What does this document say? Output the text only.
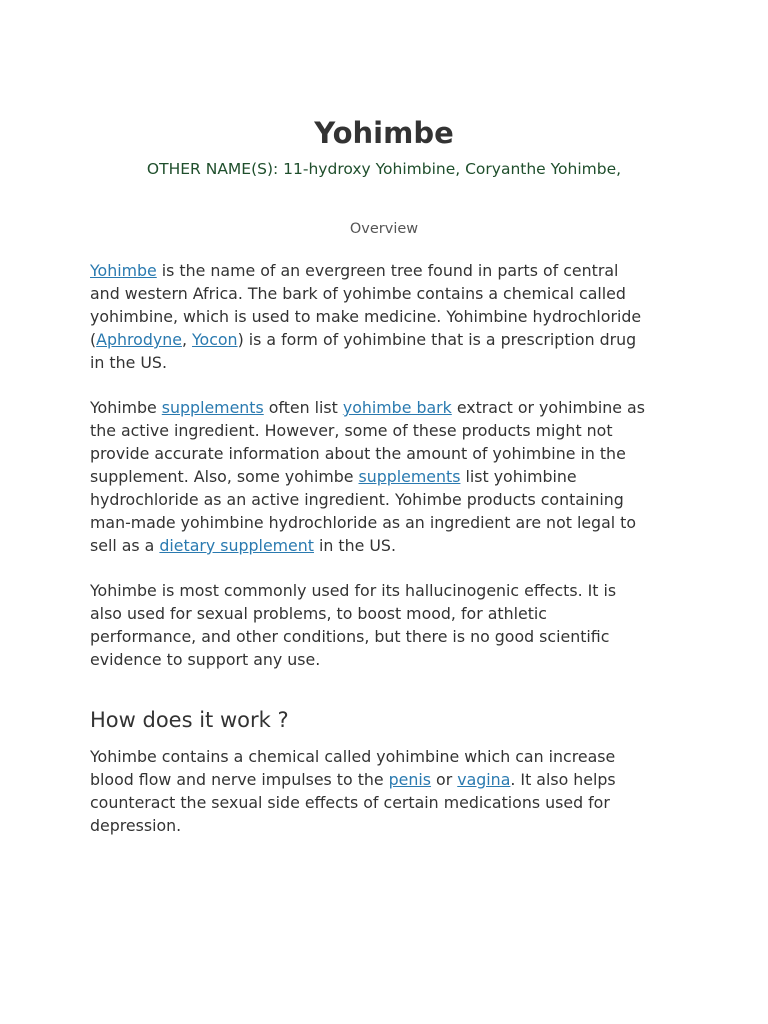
Yohimbe
OTHER NAME(S): 11-hydroxy Yohimbine, Coryanthe Yohimbe,
Overview

Yohimbe is the name of an evergreen tree found in parts of central
and western Africa. The bark of yohimbe contains a chemical called
yohimbine, which is used to make medicine. Yohimbine hydrochloride
(Aphrodyne, Yocon) is a form of yohimbine that is a prescription drug
in the US.

Yohimbe supplements often list yohimbe bark extract or yohimbine as
the active ingredient. However, some of these products might not
provide accurate information about the amount of yohimbine in the
supplement. Also, some yohimbe supplements list yohimbine
hydrochloride as an active ingredient. Yohimbe products containing
man-made yohimbine hydrochloride as an ingredient are not legal to
sell as a dietary supplement in the US.

Yohimbe is most commonly used for its hallucinogenic effects. It is
also used for sexual problems, to boost mood, for athletic
performance, and other conditions, but there is no good scientific
evidence to support any use.

How does it work ?

Yohimbe contains a chemical called yohimbine which can increase
blood flow and nerve impulses to the penis or vagina. It also helps
counteract the sexual side effects of certain medications used for
depression.
